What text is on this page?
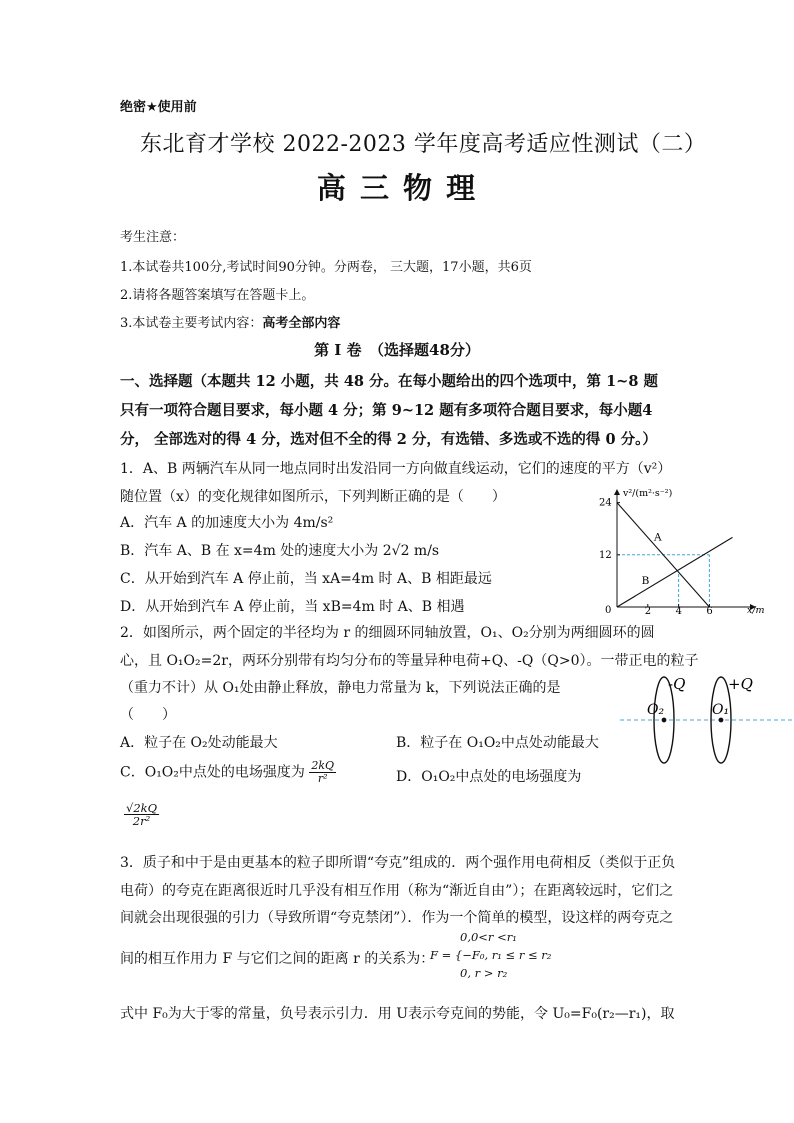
绝密★使用前
东北育才学校 2022-2023 学年度高考适应性测试（二）
高 三 物 理
考生注意：
1.本试卷共100分,考试时间90分钟。分两卷， 三大题，17小题，共6页
2.请将各题答案填写在答题卡上。
3.本试卷主要考试内容：高考全部内容
第 I 卷　（选择题48分）
一、选择题（本题共 12 小题，共 48 分。在每小题给出的四个选项中，第 1~8 题
只有一项符合题目要求，每小题 4 分；第 9~12 题有多项符合题目要求，每小题4
分， 全部选对的得 4 分，选对但不全的得 2 分，有选错、多选或不选的得 0 分。）
1．A、B 两辆汽车从同一地点同时出发沿同一方向做直线运动，它们的速度的平方（v²）
随位置（x）的变化规律如图所示，下列判断正确的是（　　）
A．汽车 A 的加速度大小为 4m/s²
B．汽车 A、B 在 x=4m 处的速度大小为 2√2 m/s
C．从开始到汽车 A 停止前，当 xA=4m 时 A、B 相距最远
D．从开始到汽车 A 停止前，当 xB=4m 时 A、B 相遇
A
B
2 4 6
12
24
v²/(m²·s⁻²)
x/m
0
2．如图所示，两个固定的半径均为 r 的细圆环同轴放置，O₁、O₂分别为两细圆环的圆
心，且 O₁O₂=2r，两环分别带有均匀分布的等量异种电荷+Q、-Q（Q>0）。一带正电的粒子
（重力不计）从 O₁处由静止释放，静电力常量为 k，下列说法正确的是
（　　）
A．粒子在 O₂处动能最大	B．粒子在 O₁O₂中点处动能最大
C．O₁O₂中点处的电场强度为 $\frac{2kQ}{\text{r²}}$	D．O₁O₂中点处的电场强度为
$\frac{√2kQ}{\text{2r²}}$
-Q	+Q
O₂	O₁
3．质子和中于是由更基本的粒子即所谓“夸克”组成的．两个强作用电荷相反（类似于正负
电荷）的夸克在距离很近时几乎没有相互作用（称为“渐近自由”）；在距离较远时，它们之
间就会出现很强的引力（导致所谓“夸克禁闭”）．作为一个简单的模型，设这样的两夸克之
间的相互作用力 F 与它们之间的距离 r 的关系为：
0,0<r <r₁
F = {−F₀, r₁ ≤ r ≤ r₂
0, r > r₂
式中 F₀为大于零的常量，负号表示引力．用 U表示夸克间的势能，令 U₀=F₀(r₂—r₁)，取
